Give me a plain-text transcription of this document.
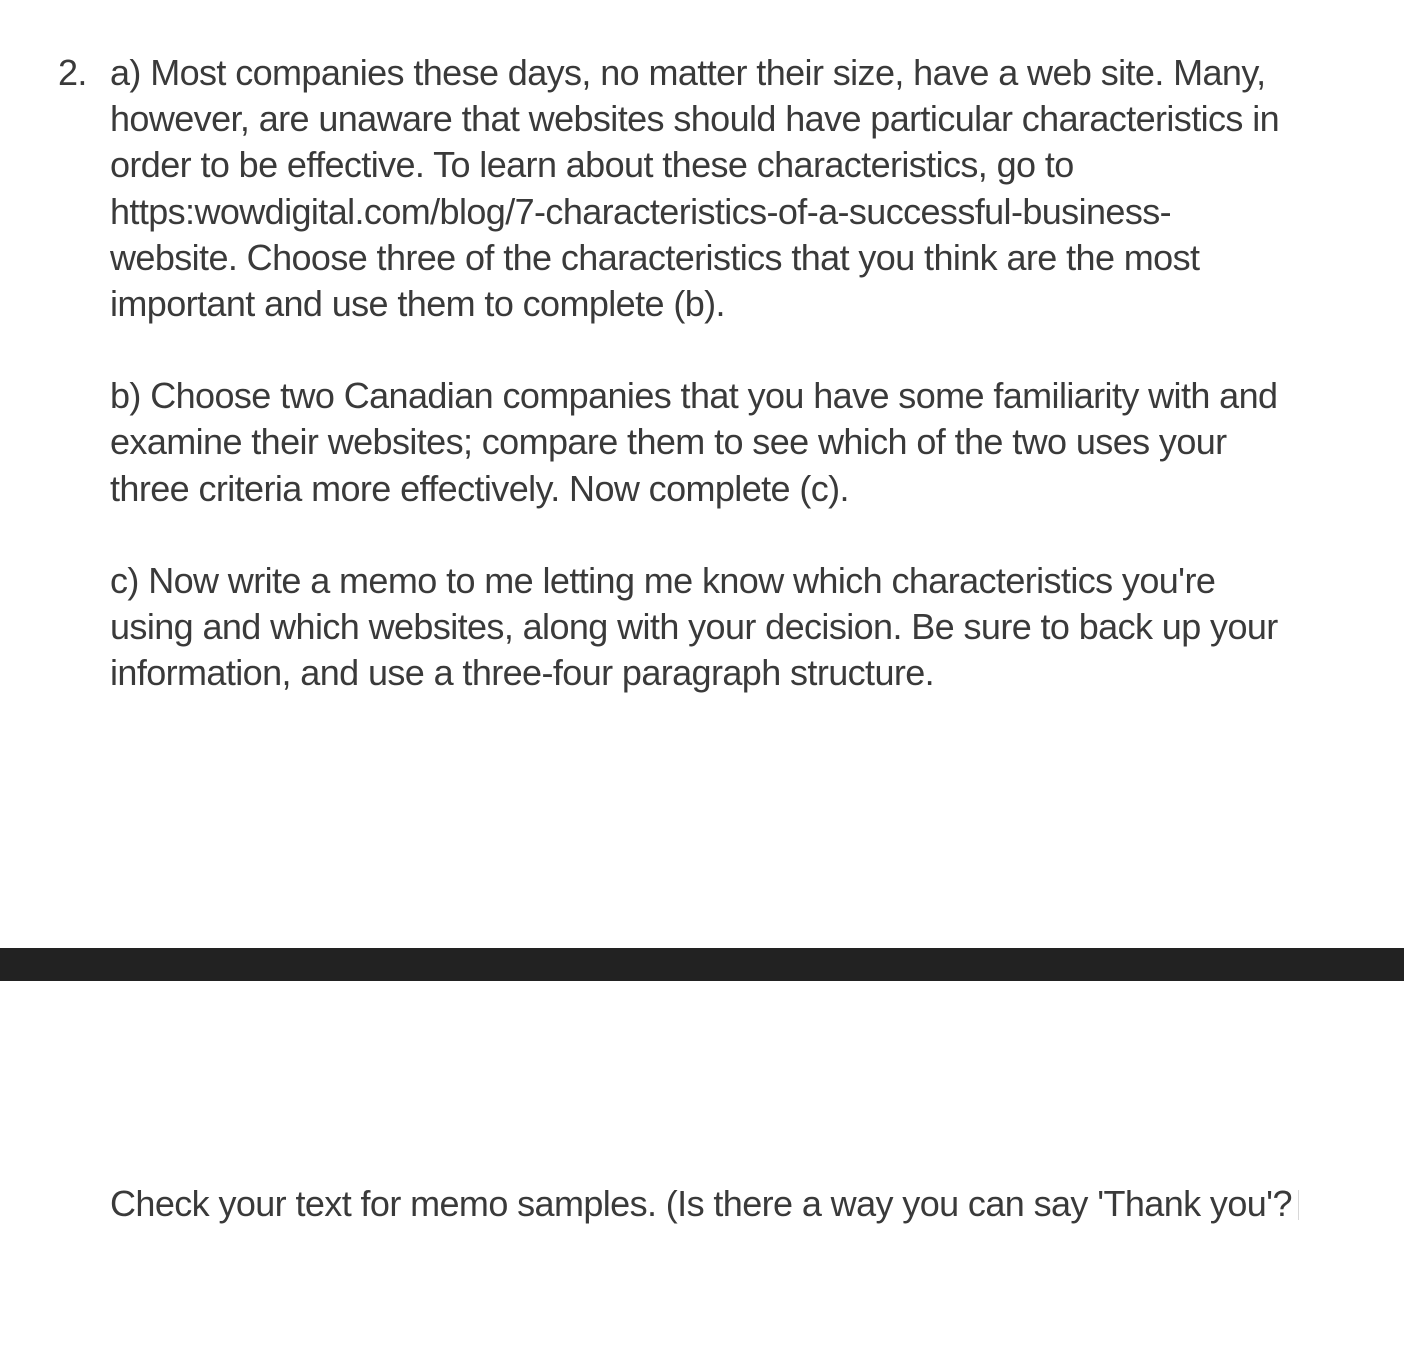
2. a) Most companies these days, no matter their size, have a web site. Many, however, are unaware that websites should have particular characteristics in order to be effective. To learn about these characteristics, go to https:wowdigital.com/blog/7-characteristics-of-a-successful-business- website. Choose three of the characteristics that you think are the most important and use them to complete (b).

b) Choose two Canadian companies that you have some familiarity with and examine their websites; compare them to see which of the two uses your three criteria more effectively. Now complete (c).

c) Now write a memo to me letting me know which characteristics you're using and which websites, along with your decision. Be sure to back up your information, and use a three-four paragraph structure.

Check your text for memo samples. (Is there a way you can say 'Thank you'?
